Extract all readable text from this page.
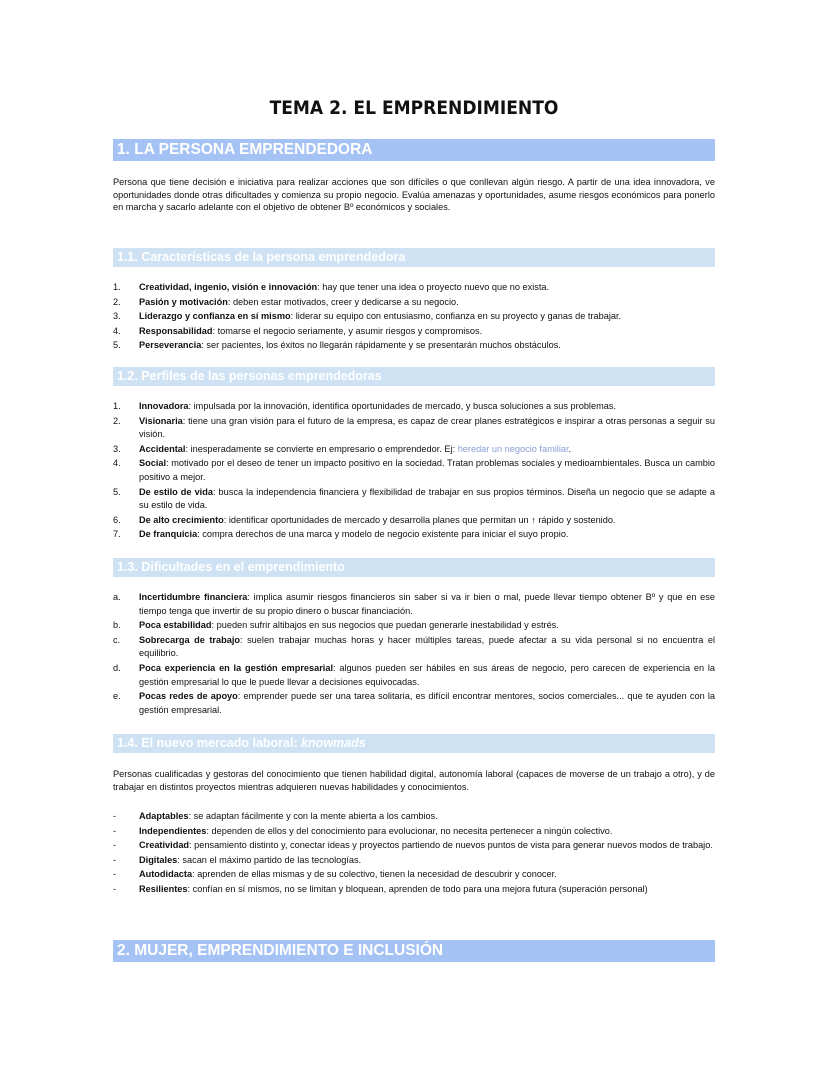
TEMA 2. EL EMPRENDIMIENTO
1. LA PERSONA EMPRENDEDORA

Persona que tiene decisión e iniciativa para realizar acciones que son difíciles o que conllevan algún riesgo. A partir de una idea innovadora, ve oportunidades donde otras dificultades y comienza su propio negocio. Evalúa amenazas y oportunidades, asume riesgos económicos para ponerlo en marcha y sacarlo adelante con el objetivo de obtener Bº económicos y sociales.

1.1. Características de la persona emprendedora
1.	Creatividad, ingenio, visión e innovación: hay que tener una idea o proyecto nuevo que no exista.
2.	Pasión y motivación: deben estar motivados, creer y dedicarse a su negocio.
3.	Liderazgo y confianza en sí mismo: liderar su equipo con entusiasmo, confianza en su proyecto y ganas de trabajar.
4.	Responsabilidad: tomarse el negocio seriamente, y asumir riesgos y compromisos.
5.	Perseverancia: ser pacientes, los éxitos no llegarán rápidamente y se presentarán muchos obstáculos.
1.2. Perfiles de las personas emprendedoras
1.	Innovadora: impulsada por la innovación, identifica oportunidades de mercado, y busca soluciones a sus problemas.
2.	Visionaria: tiene una gran visión para el futuro de la empresa, es capaz de crear planes estratégicos e inspirar a otras personas a seguir su visión.
3.	Accidental: inesperadamente se convierte en empresario o emprendedor. Ej: heredar un negocio familiar.
4.	Social: motivado por el deseo de tener un impacto positivo en la sociedad. Tratan problemas sociales y medioambientales. Busca un cambio positivo a mejor.
5.	De estilo de vida: busca la independencia financiera y flexibilidad de trabajar en sus propios términos. Diseña un negocio que se adapte a su estilo de vida.
6.	De alto crecimiento: identificar oportunidades de mercado y desarrolla planes que permitan un ↑ rápido y sostenido.
7.	De franquicia: compra derechos de una marca y modelo de negocio existente para iniciar el suyo propio.
1.3. Dificultades en el emprendimiento
a.	Incertidumbre financiera: implica asumir riesgos financieros sin saber si va ir bien o mal, puede llevar tiempo obtener Bº y que en ese tiempo tenga que invertir de su propio dinero o buscar financiación.
b.	Poca estabilidad: pueden sufrir altibajos en sus negocios que puedan generarle inestabilidad y estrés.
c.	Sobrecarga de trabajo: suelen trabajar muchas horas y hacer múltiples tareas, puede afectar a su vida personal si no encuentra el equilibrio.
d.	Poca experiencia en la gestión empresarial: algunos pueden ser hábiles en sus áreas de negocio, pero carecen de experiencia en la gestión empresarial lo que le puede llevar a decisiones equivocadas.
e.	Pocas redes de apoyo: emprender puede ser una tarea solitaria, es difícil encontrar mentores, socios comerciales... que te ayuden con la gestión empresarial.
1.4. El nuevo mercado laboral: knowmads

Personas cualificadas y gestoras del conocimiento que tienen habilidad digital, autonomía laboral (capaces de moverse de un trabajo a otro), y de trabajar en distintos proyectos mientras adquieren nuevas habilidades y conocimientos.

-	Adaptables: se adaptan fácilmente y con la mente abierta a los cambios.
-	Independientes: dependen de ellos y del conocimiento para evolucionar, no necesita pertenecer a ningún colectivo.
-	Creatividad: pensamiento distinto y, conectar ideas y proyectos partiendo de nuevos puntos de vista para generar nuevos modos de trabajo.
-	Digitales: sacan el máximo partido de las tecnologías.
-	Autodidacta: aprenden de ellas mismas y de su colectivo, tienen la necesidad de descubrir y conocer.
-	Resilientes: confían en sí mismos, no se limitan y bloquean, aprenden de todo para una mejora futura (superación personal)
2. MUJER, EMPRENDIMIENTO E INCLUSIÓN
